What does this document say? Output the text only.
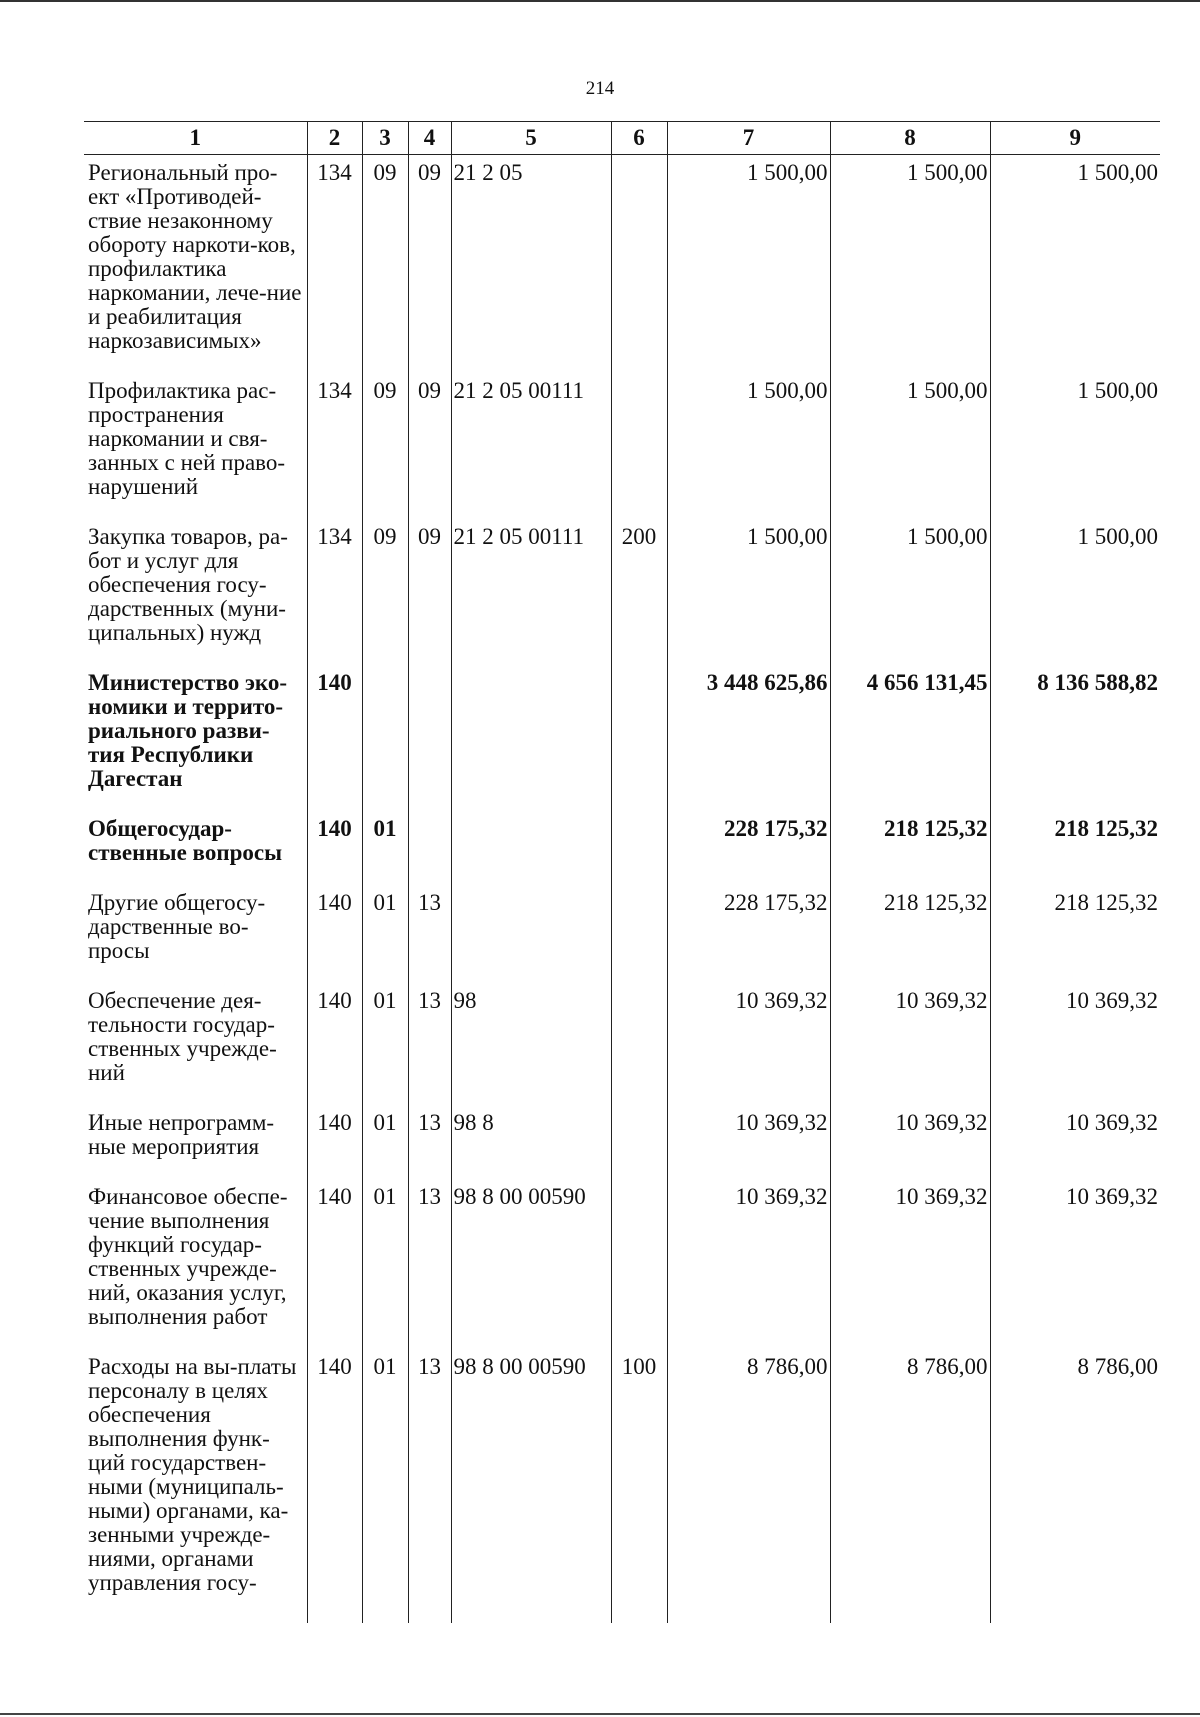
214
1	2	3	4	5	6	7	8	9
Региональный про-ект «Противодей-ствие незаконному обороту наркоти-ков, профилактика наркомании, лече-ние и реабилитация наркозависимых»	134	09	09	21 2 05		1 500,00	1 500,00	1 500,00
Профилактика рас-пространения наркомании и свя-занных с ней право-нарушений	134	09	09	21 2 05 00111		1 500,00	1 500,00	1 500,00
Закупка товаров, ра-бот и услуг для обеспечения госу-дарственных (муни-ципальных) нужд	134	09	09	21 2 05 00111	200	1 500,00	1 500,00	1 500,00
Министерство эко-номики и террито-риального разви-тия Республики Дагестан	140					3 448 625,86	4 656 131,45	8 136 588,82
Общегосудар-ственные вопросы	140	01				228 175,32	218 125,32	218 125,32
Другие общегосу-дарственные во-просы	140	01	13			228 175,32	218 125,32	218 125,32
Обеспечение дея-тельности государ-ственных учрежде-ний	140	01	13	98		10 369,32	10 369,32	10 369,32
Иные непрограмм-ные мероприятия	140	01	13	98 8		10 369,32	10 369,32	10 369,32
Финансовое обеспе-чение выполнения функций государ-ственных учрежде-ний, оказания услуг, выполнения работ	140	01	13	98 8 00 00590		10 369,32	10 369,32	10 369,32
Расходы на вы-платы персоналу в целях обеспечения выполнения функ-ций государствен-ными (муниципаль-ными) органами, ка-зенными учрежде-ниями, органами управления госу-	140	01	13	98 8 00 00590	100	8 786,00	8 786,00	8 786,00
